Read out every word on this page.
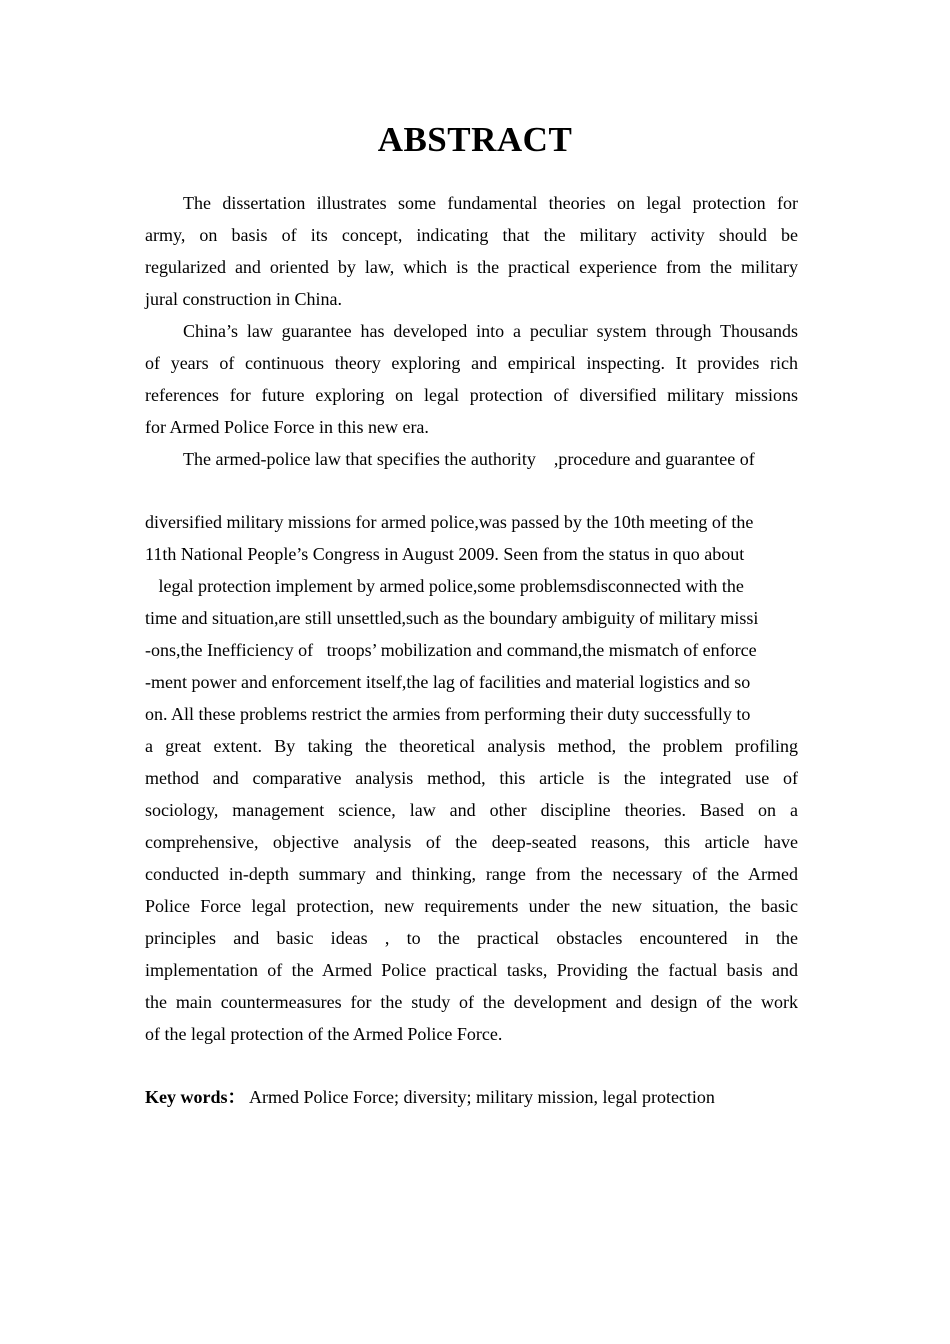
ABSTRACT

The dissertation illustrates some fundamental theories on legal protection for
army, on basis of its concept, indicating that the military activity should be
regularized and oriented by law, which is the practical experience from the military
jural construction in China.

China’s law guarantee has developed into a peculiar system through Thousands
of years of continuous theory exploring and empirical inspecting. It provides rich
references for future exploring on legal protection of diversified military missions
for Armed Police Force in this new era.

The armed-police law that specifies the authority    ,procedure and guarantee of

diversified military missions for armed police,was passed by the 10th meeting of the
11th National People’s Congress in August 2009. Seen from the status in quo about
legal protection implement by armed police,some problemsdisconnected with the
time and situation,are still unsettled,such as the boundary ambiguity of military missi
-ons,the Inefficiency of   troops’ mobilization and command,the mismatch of enforce
-ment power and enforcement itself,the lag of facilities and material logistics and so
on. All these problems restrict the armies from performing their duty successfully to
a great extent. By taking the theoretical analysis method, the problem profiling
method and comparative analysis method, this article is the integrated use of
sociology, management science, law and other discipline theories. Based on a
comprehensive, objective analysis of the deep-seated reasons, this article have
conducted in-depth summary and thinking, range from the necessary of the Armed
Police Force legal protection, new requirements under the new situation, the basic
principles and basic ideas , to the practical obstacles encountered in the
implementation of the Armed Police practical tasks, Providing the factual basis and
the main countermeasures for the study of the development and design of the work
of the legal protection of the Armed Police Force.

Key words： Armed Police Force; diversity; military mission, legal protection
